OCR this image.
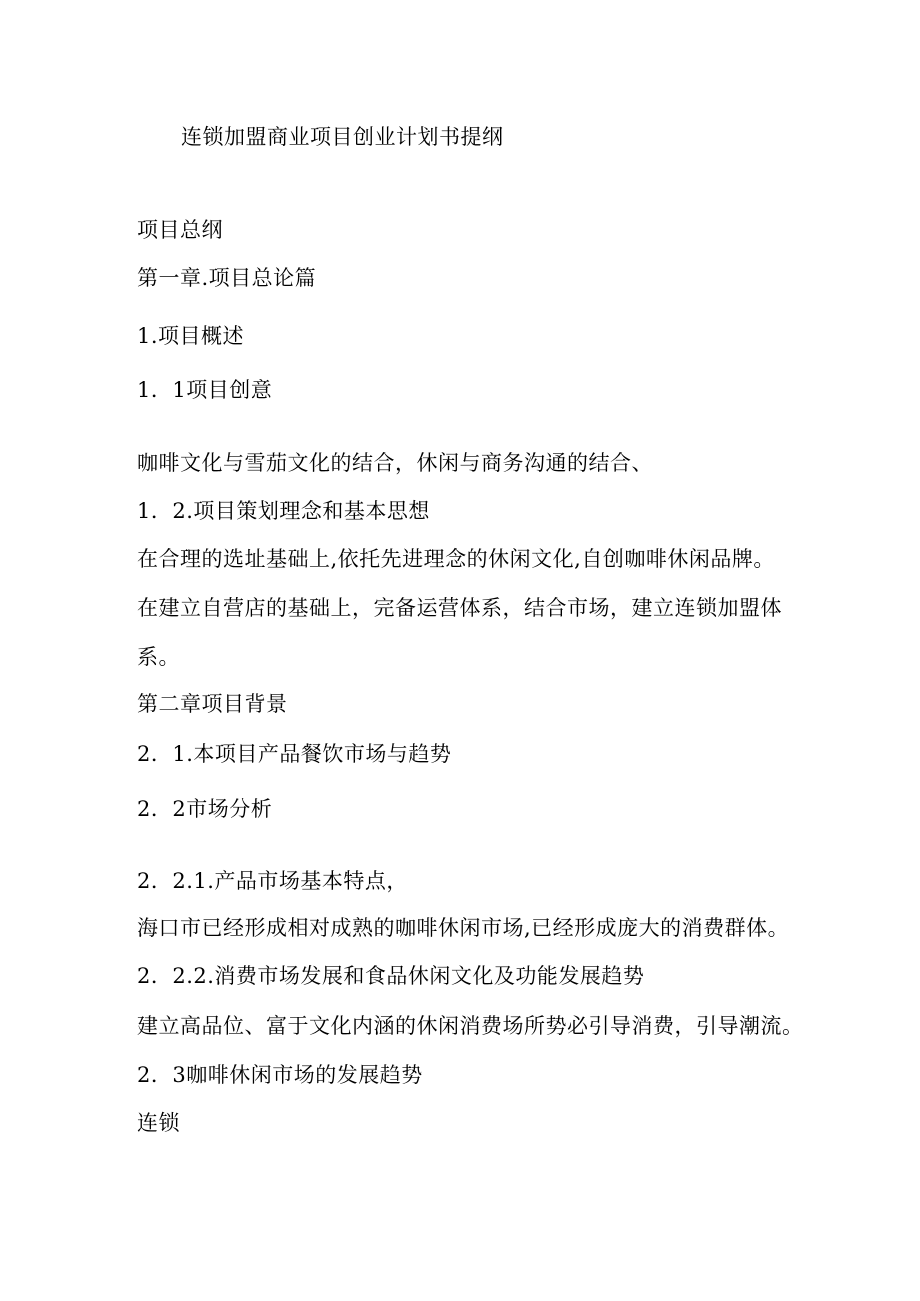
连锁加盟商业项目创业计划书提纲
项目总纲
第一章.项目总论篇
1.项目概述
1．1项目创意
咖啡文化与雪茄文化的结合，休闲与商务沟通的结合、
1．2.项目策划理念和基本思想
在合理的选址基础上,依托先进理念的休闲文化,自创咖啡休闲品牌。
在建立自营店的基础上，完备运营体系，结合市场，建立连锁加盟体
系。
第二章项目背景
2．1.本项目产品餐饮市场与趋势
2．2市场分析
2．2.1.产品市场基本特点，
海口市已经形成相对成熟的咖啡休闲市场,已经形成庞大的消费群体。
2．2.2.消费市场发展和食品休闲文化及功能发展趋势
建立高品位、富于文化内涵的休闲消费场所势必引导消费，引导潮流。
2．3咖啡休闲市场的发展趋势
连锁
